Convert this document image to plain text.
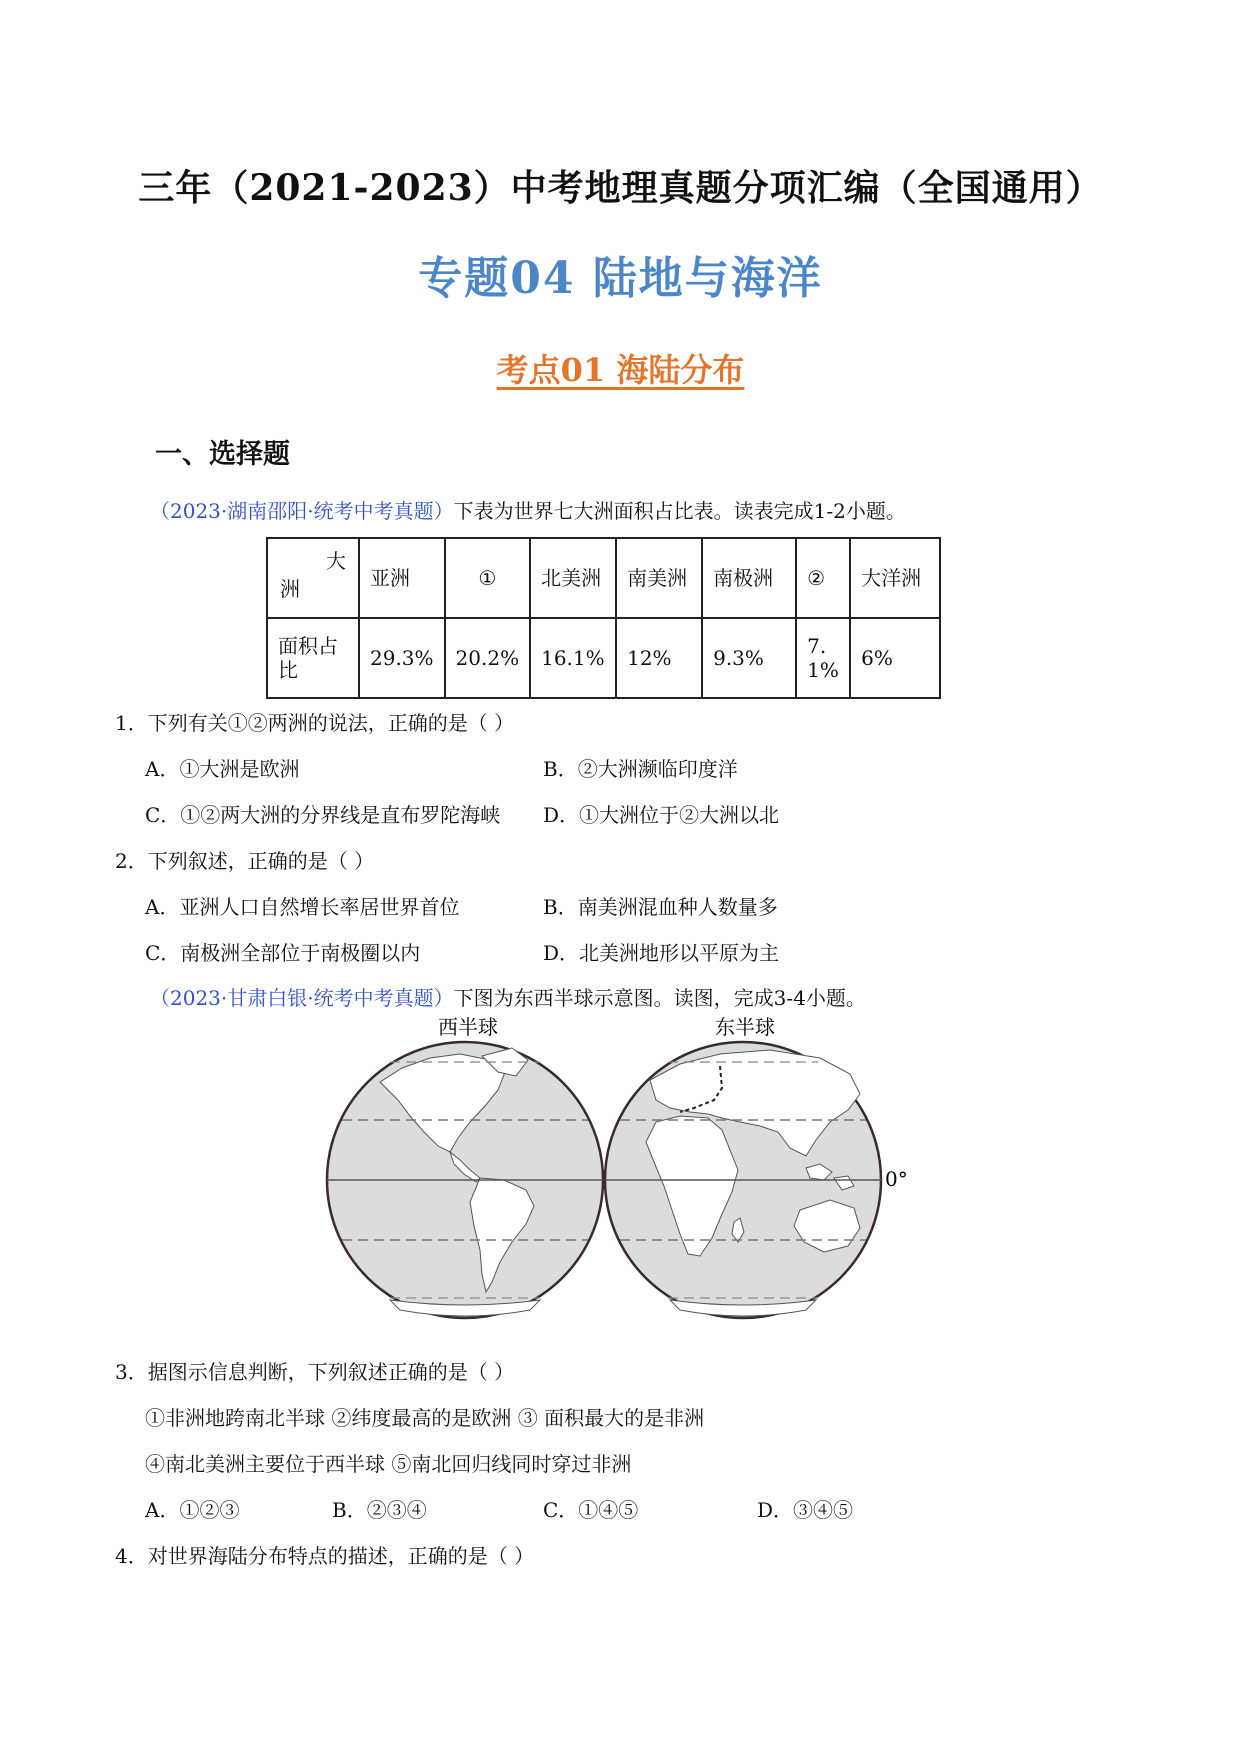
三年（2021-2023）中考地理真题分项汇编（全国通用）
专题04 陆地与海洋
考点01 海陆分布
一、选择题
（2023·湖南邵阳·统考中考真题）下表为世界七大洲面积占比表。读表完成1-2小题。
大
洲	亚洲	①	北美洲	南美洲	南极洲	②	大洋洲
面积占比	29.3%	20.2%	16.1%	12%	9.3%	7.1%	6%
1．下列有关①②两洲的说法，正确的是（ ）
A．①大洲是欧洲	B．②大洲濒临印度洋
C．①②两大洲的分界线是直布罗陀海峡 D．①大洲位于②大洲以北
2．下列叙述，正确的是（ ）
A．亚洲人口自然增长率居世界首位	B．南美洲混血种人数量多
C．南极洲全部位于南极圈以内	D．北美洲地形以平原为主
（2023·甘肃白银·统考中考真题）下图为东西半球示意图。读图，完成3-4小题。
西半球	东半球
0°
3．据图示信息判断，下列叙述正确的是（ ）
①非洲地跨南北半球 ②纬度最高的是欧洲 ③ 面积最大的是非洲
④南北美洲主要位于西半球 ⑤南北回归线同时穿过非洲
A．①②③	B．②③④	C．①④⑤	D．③④⑤
4．对世界海陆分布特点的描述，正确的是（ ）
